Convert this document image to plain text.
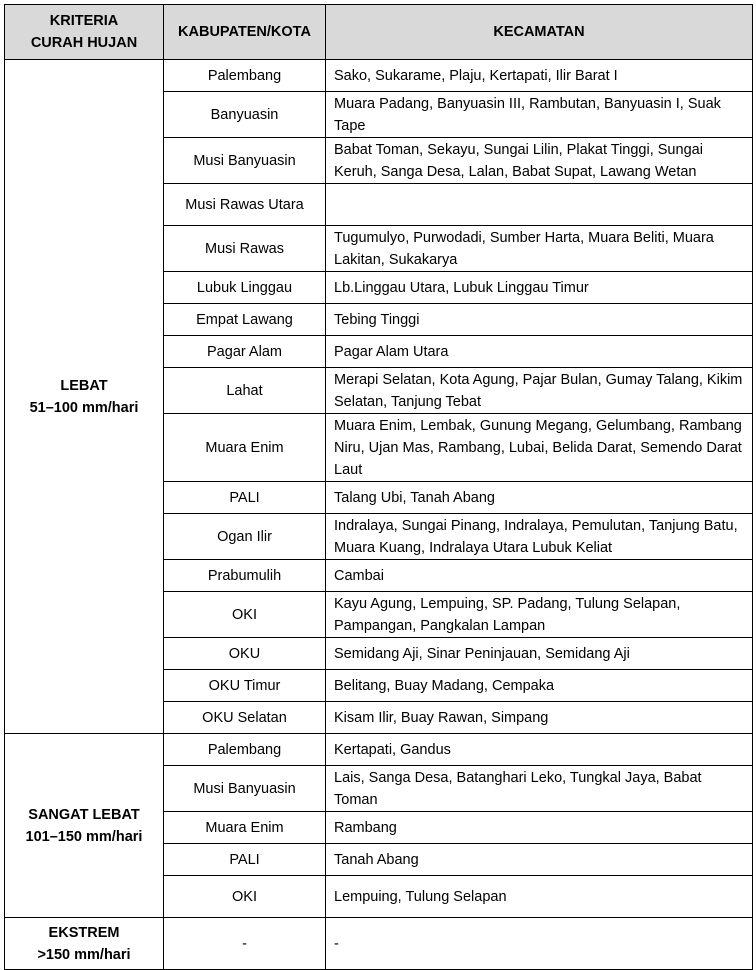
KRITERIA CURAH HUJAN	KABUPATEN/KOTA	KECAMATAN

LEBAT
51–100 mm/hari	Palembang	Sako, Sukarame, Plaju, Kertapati, Ilir Barat I
	Banyuasin	Muara Padang, Banyuasin III, Rambutan, Banyuasin I, Suak Tape
	Musi Banyuasin	Babat Toman, Sekayu, Sungai Lilin, Plakat Tinggi, Sungai Keruh, Sanga Desa, Lalan, Babat Supat, Lawang Wetan
	Musi Rawas Utara	
	Musi Rawas	Tugumulyo, Purwodadi, Sumber Harta, Muara Beliti, Muara Lakitan, Sukakarya
	Lubuk Linggau	Lb.Linggau Utara, Lubuk Linggau Timur
	Empat Lawang	Tebing Tinggi
	Pagar Alam	Pagar Alam Utara
	Lahat	Merapi Selatan, Kota Agung, Pajar Bulan, Gumay Talang, Kikim Selatan, Tanjung Tebat
	Muara Enim	Muara Enim, Lembak, Gunung Megang, Gelumbang, Rambang Niru, Ujan Mas, Rambang, Lubai, Belida Darat, Semendo Darat Laut
	PALI	Talang Ubi, Tanah Abang
	Ogan Ilir	Indralaya, Sungai Pinang, Indralaya, Pemulutan, Tanjung Batu, Muara Kuang, Indralaya Utara Lubuk Keliat
	Prabumulih	Cambai
	OKI	Kayu Agung, Lempuing, SP. Padang, Tulung Selapan, Pampangan, Pangkalan Lampan
	OKU	Semidang Aji, Sinar Peninjauan, Semidang Aji
	OKU Timur	Belitang, Buay Madang, Cempaka
	OKU Selatan	Kisam Ilir, Buay Rawan, Simpang

SANGAT LEBAT
101–150 mm/hari	Palembang	Kertapati, Gandus
	Musi Banyuasin	Lais, Sanga Desa, Batanghari Leko, Tungkal Jaya, Babat Toman
	Muara Enim	Rambang
	PALI	Tanah Abang
	OKI	Lempuing, Tulung Selapan

EKSTREM
>150 mm/hari	-	-
